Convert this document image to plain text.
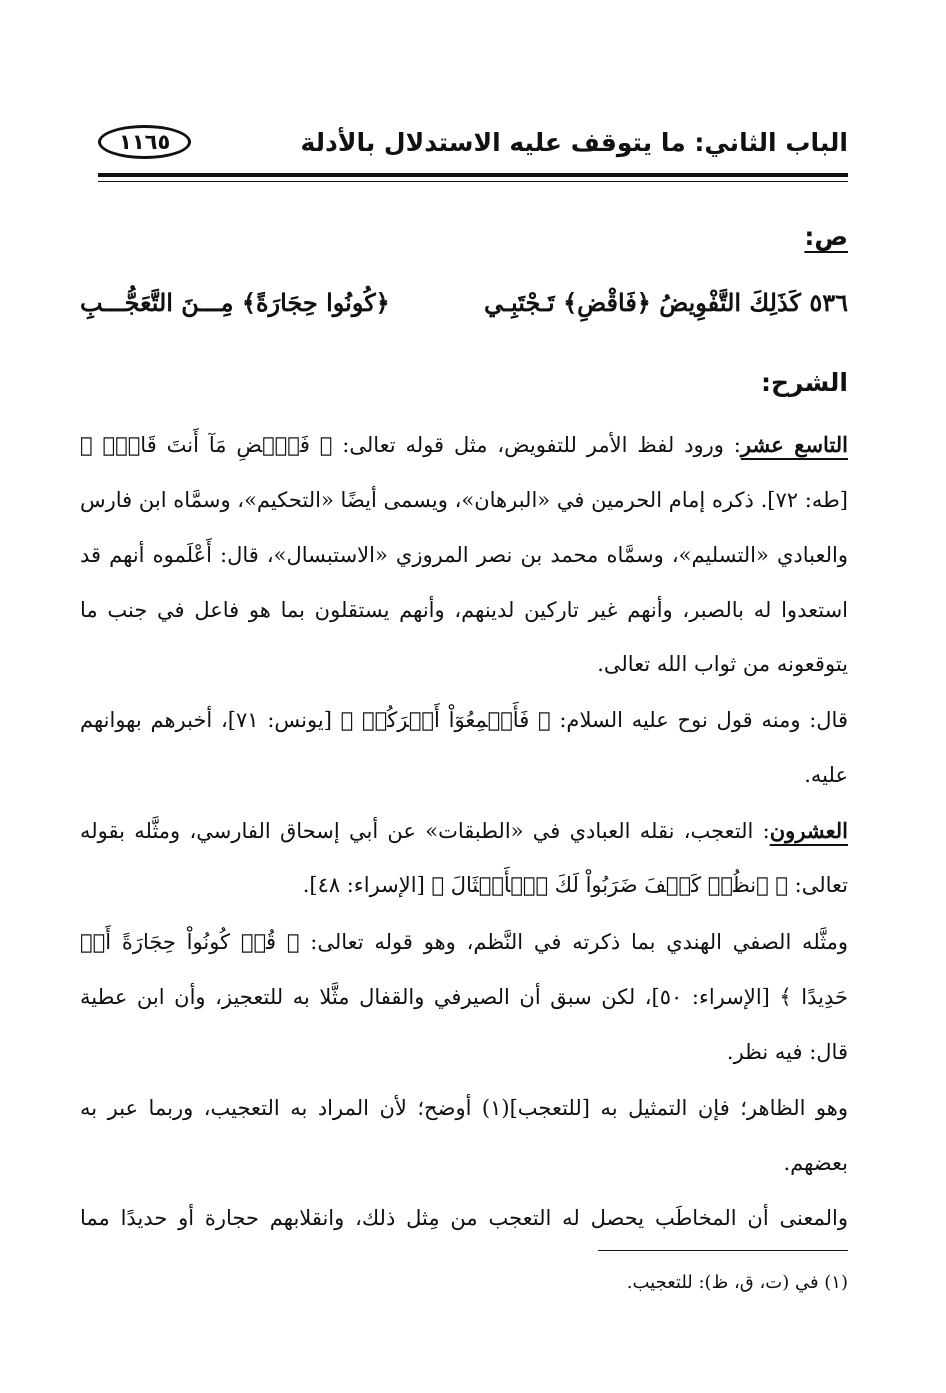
الباب الثاني: ما يتوقف عليه الاستدلال بالأدلة
١١٦٥
ص:
٥٣٦ كَذَلِكَ التَّفْوِيضُ ﴿فَاقْضِ﴾ تَـجْتَبِـي
﴿كُونُوا حِجَارَةً﴾ مِـــنَ التَّعَجُّـــبِ
الشرح:
التاسع عشر: ورود لفظ الأمر للتفويض، مثل قوله تعالى: ﴿ فَٱقۡضِ مَآ أَنتَ قَاضٍۖ ﴾
[طه: ٧٢]. ذكره إمام الحرمين في «البرهان»، ويسمى أيضًا «التحكيم»، وسمَّاه ابن فارس
والعبادي «التسليم»، وسمَّاه محمد بن نصر المروزي «الاستبسال»، قال: أَعْلَموه أنهم قد
استعدوا له بالصبر، وأنهم غير تاركين لدينهم، وأنهم يستقلون بما هو فاعل في جنب ما
يتوقعونه من ثواب الله تعالى.
قال: ومنه قول نوح عليه السلام: ﴿ فَأَجۡمِعُوٓاْ أَمۡرَكُمۡ ﴾ [يونس: ٧١]، أخبرهم بهوانهم
عليه.
العشرون: التعجب، نقله العبادي في «الطبقات» عن أبي إسحاق الفارسي، ومثَّله بقوله
تعالى: ﴿ ٱنظُرۡ كَيۡفَ ضَرَبُواْ لَكَ ٱلۡأَمۡثَالَ ﴾ [الإسراء: ٤٨].
ومثَّله الصفي الهندي بما ذكرته في النَّظم، وهو قوله تعالى: ﴿ قُلۡ كُونُواْ حِجَارَةً أَوۡ
حَدِيدًا ﴾ [الإسراء: ٥٠]، لكن سبق أن الصيرفي والقفال مثَّلا به للتعجيز، وأن ابن عطية
قال: فيه نظر.
وهو الظاهر؛ فإن التمثيل به [للتعجب](١) أوضح؛ لأن المراد به التعجيب، وربما عبر به
بعضهم.
والمعنى أن المخاطَب يحصل له التعجب من مِثل ذلك، وانقلابهم حجارة أو حديدًا مما
(١) في (ت، ق، ظ): للتعجيب.
